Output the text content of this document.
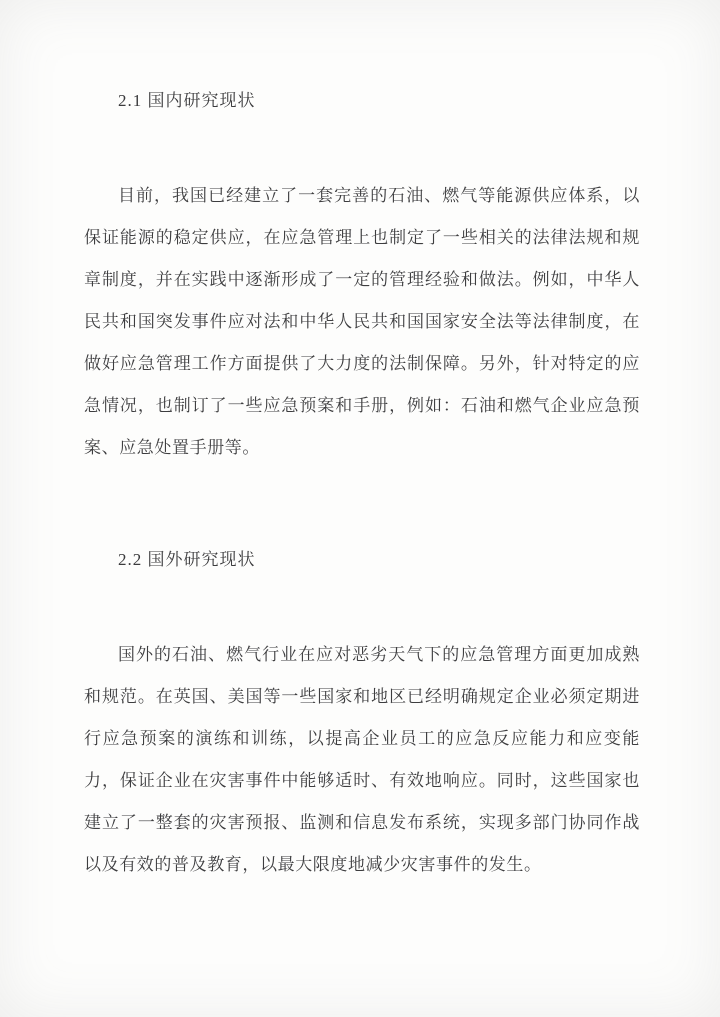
2.1 国内研究现状

目前，我国已经建立了一套完善的石油、燃气等能源供应体系，以保证能源的稳定供应，在应急管理上也制定了一些相关的法律法规和规章制度，并在实践中逐渐形成了一定的管理经验和做法。例如，中华人民共和国突发事件应对法和中华人民共和国国家安全法等法律制度，在做好应急管理工作方面提供了大力度的法制保障。另外，针对特定的应急情况，也制订了一些应急预案和手册，例如：石油和燃气企业应急预案、应急处置手册等。

2.2 国外研究现状

国外的石油、燃气行业在应对恶劣天气下的应急管理方面更加成熟和规范。在英国、美国等一些国家和地区已经明确规定企业必须定期进行应急预案的演练和训练，以提高企业员工的应急反应能力和应变能力，保证企业在灾害事件中能够适时、有效地响应。同时，这些国家也建立了一整套的灾害预报、监测和信息发布系统，实现多部门协同作战以及有效的普及教育，以最大限度地减少灾害事件的发生。
